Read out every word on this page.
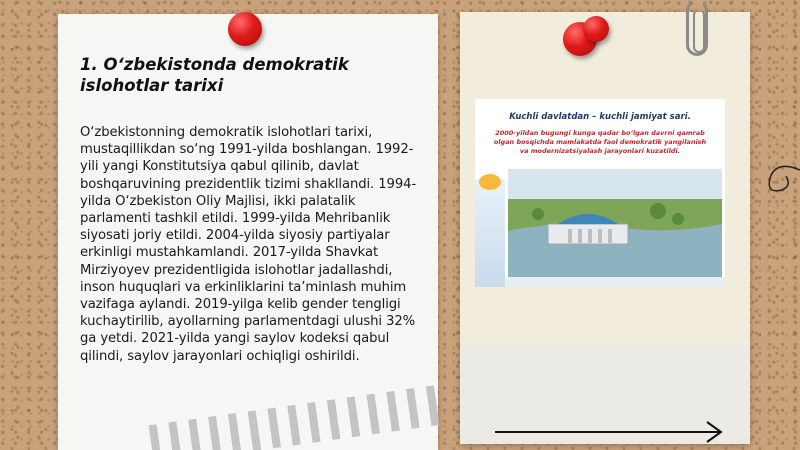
1. O‘zbekistonda demokratik islohotlar tarixi
O‘zbekistonning demokratik islohotlari tarixi, mustaqillikdan so‘ng 1991-yilda boshlangan. 1992-yili yangi Konstitutsiya qabul qilinib, davlat boshqaruvining prezidentlik tizimi shakllandi. 1994-yilda O‘zbekiston Oliy Majlisi, ikki palatalik parlamenti tashkil etildi. 1999-yilda Mehribanlik siyosati joriy etildi. 2004-yilda siyosiy partiyalar erkinligi mustahkamlandi. 2017-yilda Shavkat Mirziyoyev prezidentligida islohotlar jadallashdi, inson huquqlari va erkinliklarini ta’minlash muhim vazifaga aylandi. 2019-yilga kelib gender tengligi kuchaytirilib, ayollarning parlamentdagi ulushi 32% ga yetdi. 2021-yilda yangi saylov kodeksi qabul qilindi, saylov jarayonlari ochiqligi oshirildi.
Kuchli davlatdan – kuchli jamiyat sari.
2000-yildan bugungi kunga qadar bo‘lgan davrni qamrab olgan bosqichda mamlakatda faol demokratik yangilanish va modernizatsiyalash jarayonlari kuzatildi.
